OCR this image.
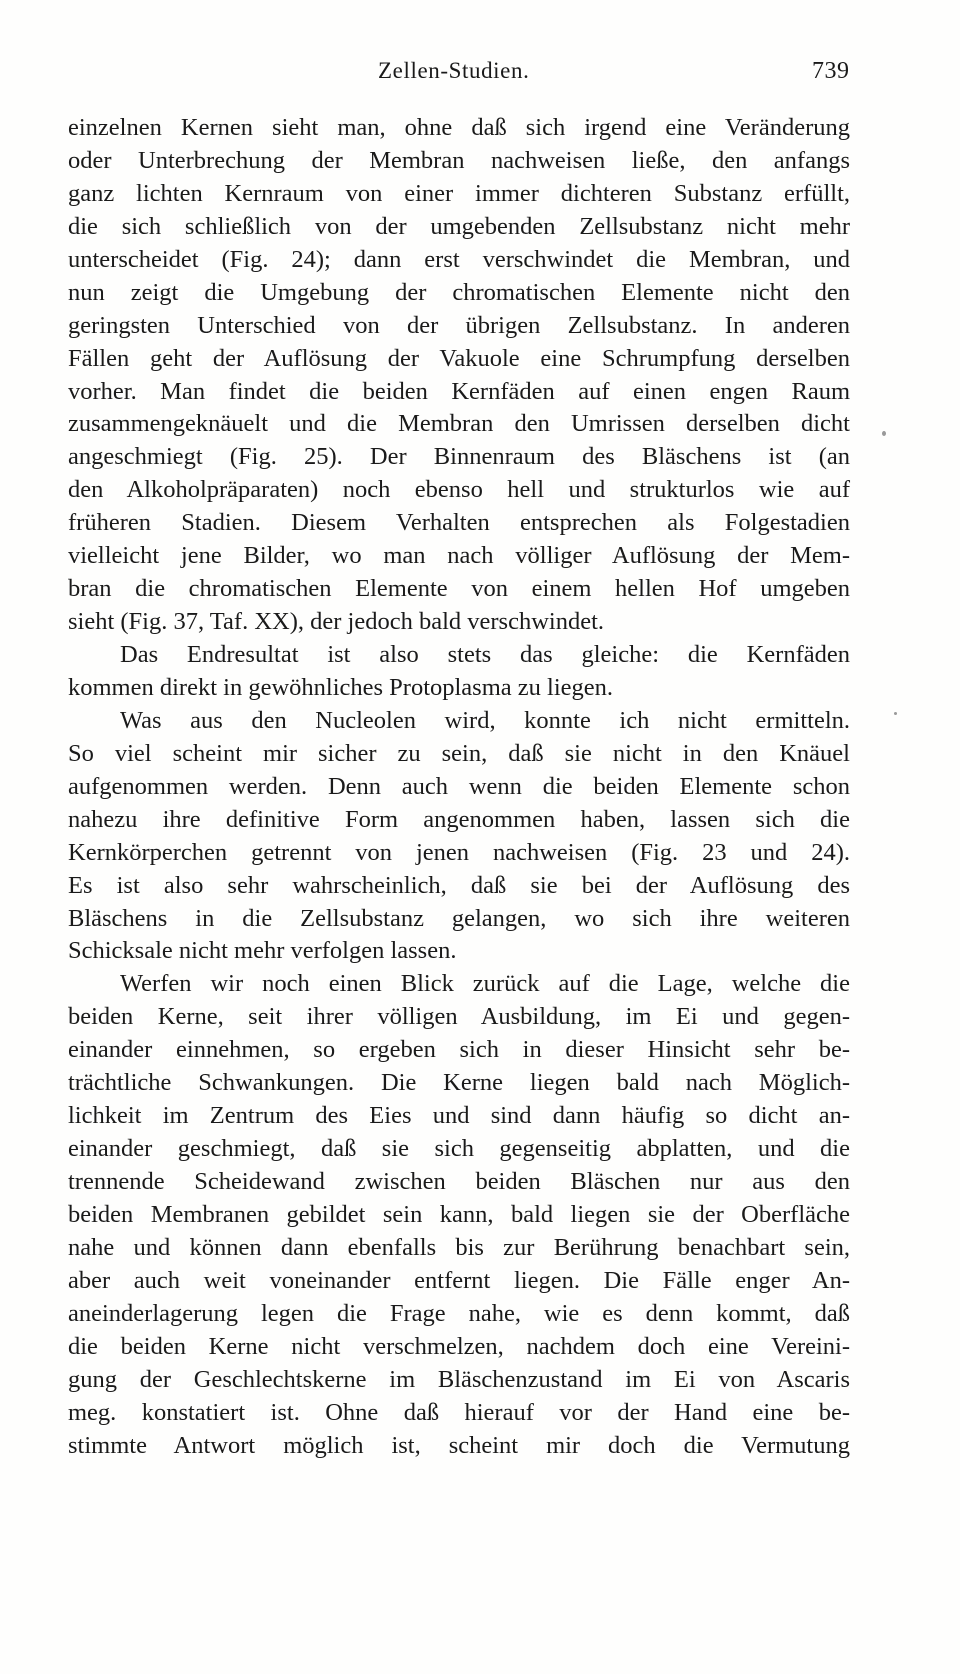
Zellen-Studien.	739
einzelnen Kernen sieht man, ohne daß sich irgend eine Veränderung
oder Unterbrechung der Membran nachweisen ließe, den anfangs
ganz lichten Kernraum von einer immer dichteren Substanz erfüllt,
die sich schließlich von der umgebenden Zellsubstanz nicht mehr
unterscheidet (Fig. 24); dann erst verschwindet die Membran, und
nun zeigt die Umgebung der chromatischen Elemente nicht den
geringsten Unterschied von der übrigen Zellsubstanz. In anderen
Fällen geht der Auflösung der Vakuole eine Schrumpfung derselben
vorher. Man findet die beiden Kernfäden auf einen engen Raum
zusammengeknäuelt und die Membran den Umrissen derselben dicht
angeschmiegt (Fig. 25). Der Binnenraum des Bläschens ist (an
den Alkoholpräparaten) noch ebenso hell und strukturlos wie auf
früheren Stadien. Diesem Verhalten entsprechen als Folgestadien
vielleicht jene Bilder, wo man nach völliger Auflösung der Mem-
bran die chromatischen Elemente von einem hellen Hof umgeben
sieht (Fig. 37, Taf. XX), der jedoch bald verschwindet.
Das Endresultat ist also stets das gleiche: die Kernfäden
kommen direkt in gewöhnliches Protoplasma zu liegen.
Was aus den Nucleolen wird, konnte ich nicht ermitteln.
So viel scheint mir sicher zu sein, daß sie nicht in den Knäuel
aufgenommen werden. Denn auch wenn die beiden Elemente schon
nahezu ihre definitive Form angenommen haben, lassen sich die
Kernkörperchen getrennt von jenen nachweisen (Fig. 23 und 24).
Es ist also sehr wahrscheinlich, daß sie bei der Auflösung des
Bläschens in die Zellsubstanz gelangen, wo sich ihre weiteren
Schicksale nicht mehr verfolgen lassen.
Werfen wir noch einen Blick zurück auf die Lage, welche die
beiden Kerne, seit ihrer völligen Ausbildung, im Ei und gegen-
einander einnehmen, so ergeben sich in dieser Hinsicht sehr be-
trächtliche Schwankungen. Die Kerne liegen bald nach Möglich-
lichkeit im Zentrum des Eies und sind dann häufig so dicht an-
einander geschmiegt, daß sie sich gegenseitig abplatten, und die
trennende Scheidewand zwischen beiden Bläschen nur aus den
beiden Membranen gebildet sein kann, bald liegen sie der Oberfläche
nahe und können dann ebenfalls bis zur Berührung benachbart sein,
aber auch weit voneinander entfernt liegen. Die Fälle enger An-
aneinderlagerung legen die Frage nahe, wie es denn kommt, daß
die beiden Kerne nicht verschmelzen, nachdem doch eine Vereini-
gung der Geschlechtskerne im Bläschenzustand im Ei von Ascaris
meg. konstatiert ist. Ohne daß hierauf vor der Hand eine be-
stimmte Antwort möglich ist, scheint mir doch die Vermutung
